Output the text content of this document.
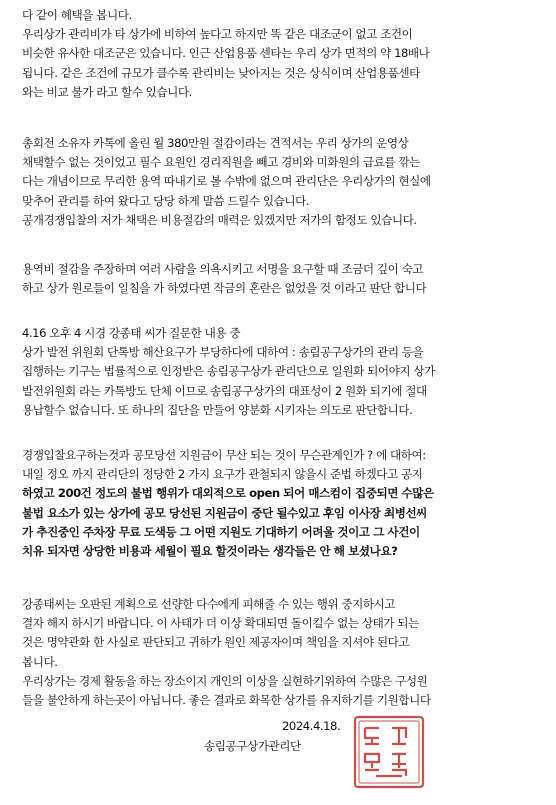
다 같이 혜택을 봅니다.
우리상가 관리비가 타 상가에 비하여 높다고 하지만 똑 같은 대조군이 없고 조건이
비슷한 유사한 대조군은 있습니다. 인근 산업용품 센타는 우리 상가 면적의 약 18배나
됩니다. 같은 조건에 규모가 클수록 관리비는 낮아지는 것은 상식이며 산업용품센타
와는 비교 불가 라고 할수 있습니다.
총회전 소유자 카톡에 올린 월 380만원 절감이라는 견적서는 우리 상가의 운영상
채택할수 없는 것이었고 필수 요원인 경리직원을 빼고 경비와 미화원의 급료를 깎는
다는 개념이므로 무리한 용역 따내기로 볼 수밖에 없으며 관리단은 우리상가의 현실에
맞추어 관리를 하여 왔다고 당당 하게 말씀 드릴수 있습니다.
공개경쟁입찰의 저가 채택은 비용절감의 매력은 있겠지만 저가의 함정도 있습니다.
용역비 절감을 주장하며 여러 사람을 의욕시키고 서명을 요구할 때 조금더 깊이 숙고
하고 상가 원로들이 일침을 가 하였다면 작금의 혼란은 없었을 것 이라고 판단 합니다
4.16 오후 4 시경 강종태 씨가 질문한 내용 중
상가 발전 위원회 단톡방 해산요구가 부당하다에 대하여 : 송림공구상가의 관리 등을
집행하는 기구는 법률적으로 인정받은 송림공구상가 관리단으로 일원화 되어야지 상가
발전위원회 라는 카톡방도 단체 이므로 송림공구상가의 대표성이 2 원화 되기에 절대
용납할수 없습니다. 또 하나의 집단을 만들어 양분화 시키자는 의도로 판단합니다.
경쟁입찰요구하는것과 공모당선 지원금이 무산 되는 것이 무슨관계인가 ? 에 대하여:
내일 정오 까지 관리단의 정당한 2 가지 요구가 관철되지 않을시 준법 하겠다고 공지
하였고 200건 정도의 불법 행위가 대외적으로 open 되어 매스컴이 집중되면 수많은
불법 요소가 있는 상가에 공모 당선된 지원금이 중단 될수있고 후임 이사장 최병선씨
가 추진중인 주차장 무료 도색등 그 어떤 지원도 기대하기 어려울 것이고 그 사건이
치유 되자면 상당한 비용과 세월이 필요 할것이라는 생각들은 안 해 보셨나요?
강종태씨는 오판된 계획으로 선량한 다수에게 피해줄 수 있는 행위 중지하시고
결자 해지 하시기 바랍니다. 이 사태가 더 이상 확대되면 돌이킬수 없는 상태가 되는
것은 명약관화 한 사실로 판단되고 귀하가 원인 제공자이며 책임을 지셔야 된다고
봅니다.
우리상가는 경제 활동을 하는 장소이지 개인의 이상을 실현하기위하여 수많은 구성원
들을 불안하게 하는곳이 아닙니다. 좋은 결과로 화목한 상가를 유지하기를 기원합니다
2024.4.18.
송림공구상가관리단
